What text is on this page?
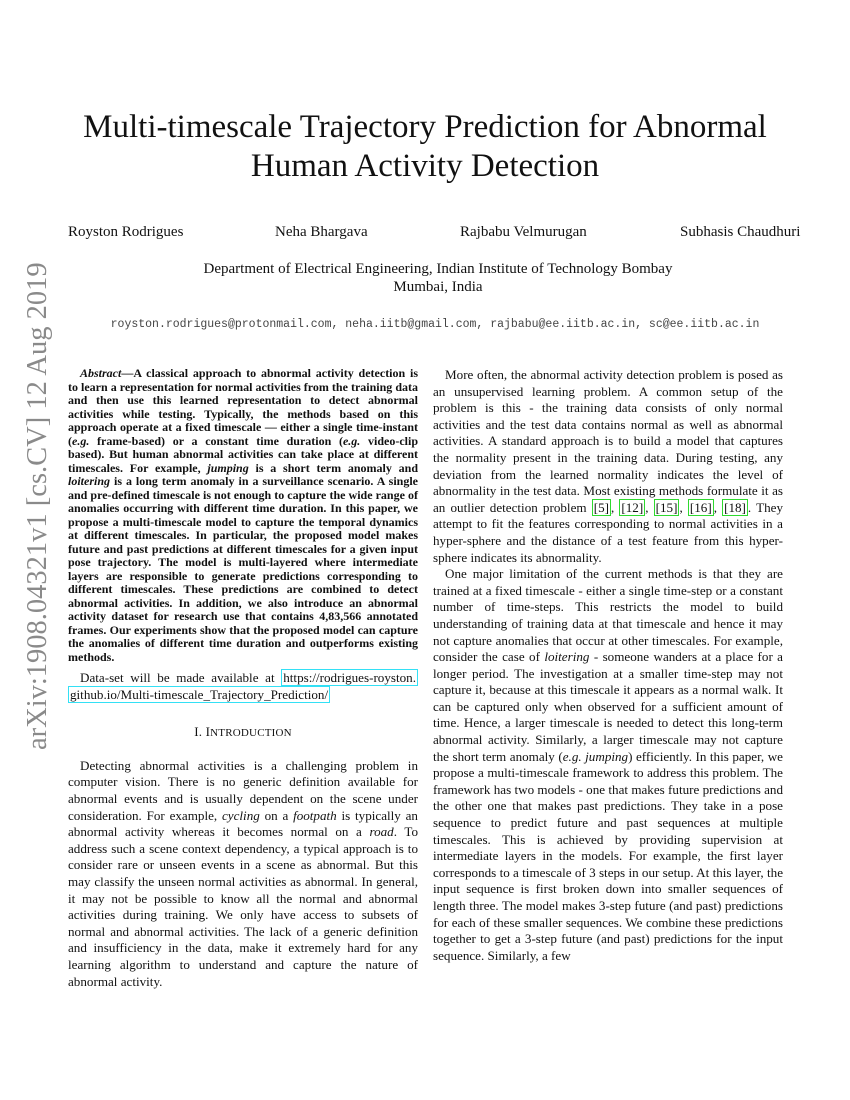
arXiv:1908.04321v1 [cs.CV] 12 Aug 2019
Multi-timescale Trajectory Prediction for Abnormal
Human Activity Detection
Royston Rodrigues	Neha Bhargava	Rajbabu Velmurugan	Subhasis Chaudhuri
Department of Electrical Engineering, Indian Institute of Technology Bombay
Mumbai, India
royston.rodrigues@protonmail.com, neha.iitb@gmail.com, rajbabu@ee.iitb.ac.in, sc@ee.iitb.ac.in

Abstract—A classical approach to abnormal activity detection is to learn a representation for normal activities from the training data and then use this learned representation to detect abnormal activities while testing. Typically, the methods based on this approach operate at a fixed timescale — either a single time-instant (e.g. frame-based) or a constant time duration (e.g. video-clip based). But human abnormal activities can take place at different timescales. For example, jumping is a short term anomaly and loitering is a long term anomaly in a surveillance scenario. A single and pre-defined timescale is not enough to capture the wide range of anomalies occurring with different time duration. In this paper, we propose a multi-timescale model to capture the temporal dynamics at different timescales. In particular, the proposed model makes future and past predictions at different timescales for a given input pose trajectory. The model is multi-layered where intermediate layers are responsible to generate predictions corresponding to different timescales. These predictions are combined to detect abnormal activities. In addition, we also introduce an abnormal activity dataset for research use that contains 4,83,566 annotated frames. Our experiments show that the proposed model can capture the anomalies of different time duration and outperforms existing methods.

Data-set will be made available at https://rodrigues-royston. github.io/Multi-timescale_Trajectory_Prediction/

I. INTRODUCTION

Detecting abnormal activities is a challenging problem in computer vision. There is no generic definition available for abnormal events and is usually dependent on the scene under consideration. For example, cycling on a footpath is typically an abnormal activity whereas it becomes normal on a road. To address such a scene context dependency, a typical approach is to consider rare or unseen events in a scene as abnormal. But this may classify the unseen normal activities as abnormal. In general, it may not be possible to know all the normal and abnormal activities during training. We only have access to subsets of normal and abnormal activities. The lack of a generic definition and insufficiency in the data, make it extremely hard for any learning algorithm to understand and capture the nature of abnormal activity.

More often, the abnormal activity detection problem is posed as an unsupervised learning problem. A common setup of the problem is this - the training data consists of only normal activities and the test data contains normal as well as abnormal activities. A standard approach is to build a model that captures the normality present in the training data. During testing, any deviation from the learned normality indicates the level of abnormality in the test data. Most existing methods formulate it as an outlier detection problem [5] , [12] , [15] , [16] , [18] . They attempt to fit the features corresponding to normal activities in a hyper-sphere and the distance of a test feature from this hyper-sphere indicates its abnormality.

One major limitation of the current methods is that they are trained at a fixed timescale - either a single time-step or a constant number of time-steps. This restricts the model to build understanding of training data at that timescale and hence it may not capture anomalies that occur at other timescales. For example, consider the case of loitering - someone wanders at a place for a longer period. The investigation at a smaller time-step may not capture it, because at this timescale it appears as a normal walk. It can be captured only when observed for a sufficient amount of time. Hence, a larger timescale is needed to detect this long-term abnormal activity. Similarly, a larger timescale may not capture the short term anomaly (e.g. jumping) efficiently. In this paper, we propose a multi-timescale framework to address this problem. The framework has two models - one that makes future predictions and the other one that makes past predictions. They take in a pose sequence to predict future and past sequences at multiple timescales. This is achieved by providing supervision at intermediate layers in the models. For example, the first layer corresponds to a timescale of 3 steps in our setup. At this layer, the input sequence is first broken down into smaller sequences of length three. The model makes 3-step future (and past) predictions for each of these smaller sequences. We combine these predictions together to get a 3-step future (and past) predictions for the input sequence. Similarly, a few
